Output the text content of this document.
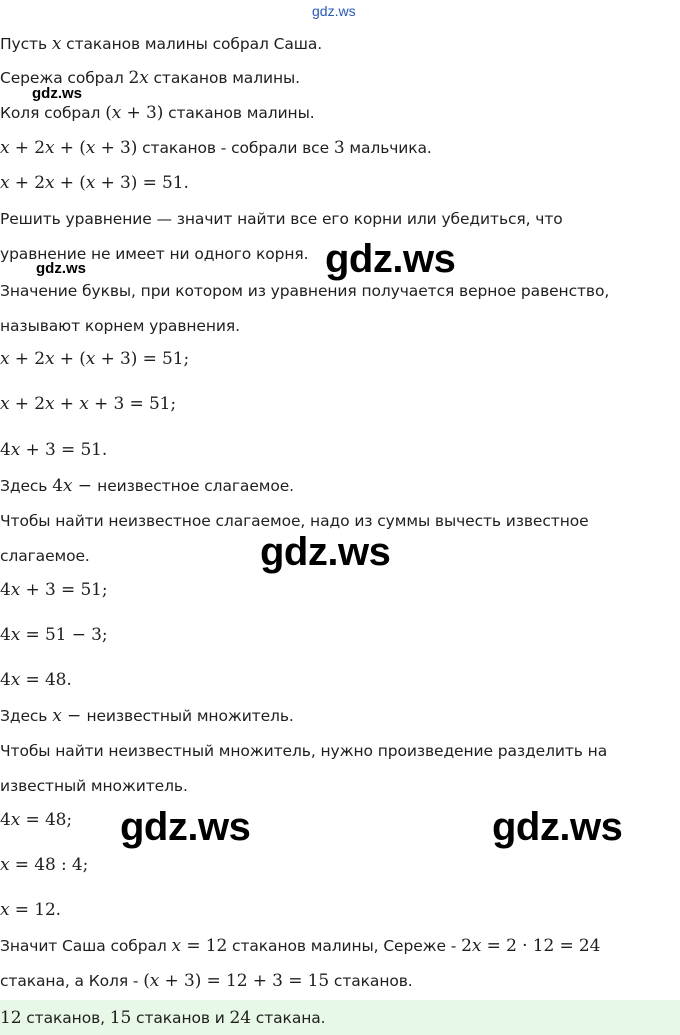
gdz.ws
gdz.ws
gdz.ws	gdz.ws
gdz.ws
gdz.ws	gdz.ws
Пусть x стаканов малины собрал Саша.
Сережа собрал 2x стаканов малины.
Коля собрал (x + 3) стаканов малины.
x + 2x + (x + 3) стаканов - собрали все 3 мальчика.
x + 2x + (x + 3) = 51.
Решить уравнение — значит найти все его корни или убедиться, что
уравнение не имеет ни одного корня.
Значение буквы, при котором из уравнения получается верное равенство,
называют корнем уравнения.
x + 2x + (x + 3) = 51;
x + 2x + x + 3 = 51;
4x + 3 = 51.
Здесь 4x − неизвестное слагаемое.
Чтобы найти неизвестное слагаемое, надо из суммы вычесть известное
слагаемое.
4x + 3 = 51;
4x = 51 − 3;
4x = 48.
Здесь x − неизвестный множитель.
Чтобы найти неизвестный множитель, нужно произведение разделить на
известный множитель.
4x = 48;
x = 48 : 4;
x = 12.
Значит Саша собрал x = 12 стаканов малины, Сереже - 2x = 2 · 12 = 24
стакана, а Коля - (x + 3) = 12 + 3 = 15 стаканов.
12 стаканов, 15 стаканов и 24 стакана.
